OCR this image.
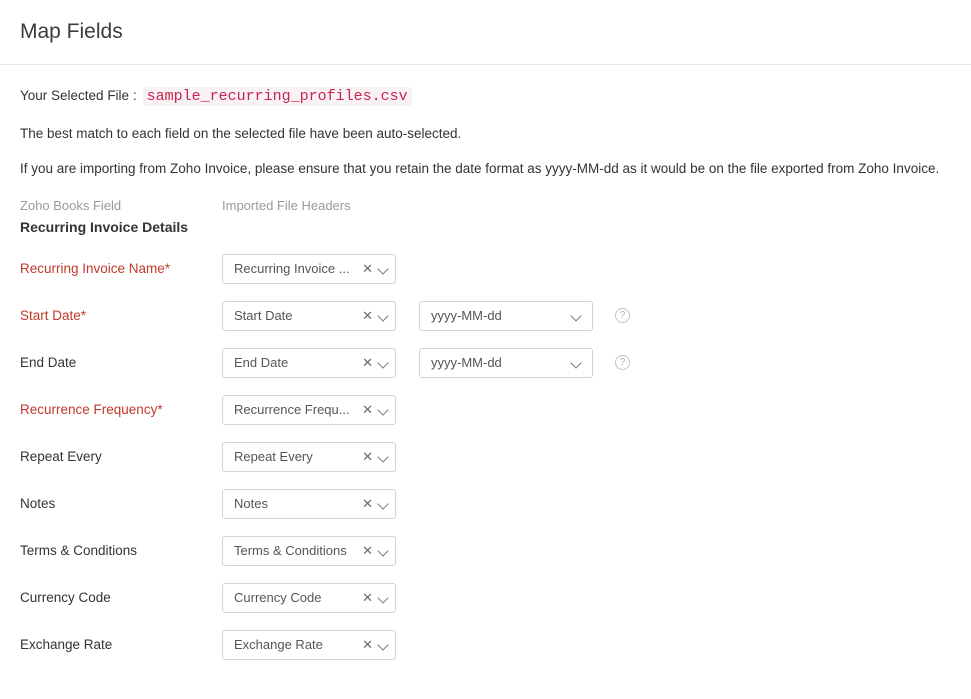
Map Fields
Your Selected File : sample_recurring_profiles.csv
The best match to each field on the selected file have been auto-selected.
If you are importing from Zoho Invoice, please ensure that you retain the date format as yyyy-MM-dd as it would be on the file exported from Zoho Invoice.
Zoho Books Field	Imported File Headers
Recurring Invoice Details
Recurring Invoice Name*	Recurring Invoice ... ✕
Start Date*	Start Date	✕	yyyy-MM-dd	?
End Date	End Date	✕	yyyy-MM-dd	?
Recurrence Frequency*	Recurrence Frequ... ✕
Repeat Every	Repeat Every	✕
Notes	Notes	✕
Terms & Conditions	Terms & Conditions	✕
Currency Code	Currency Code	✕
Exchange Rate	Exchange Rate	✕
